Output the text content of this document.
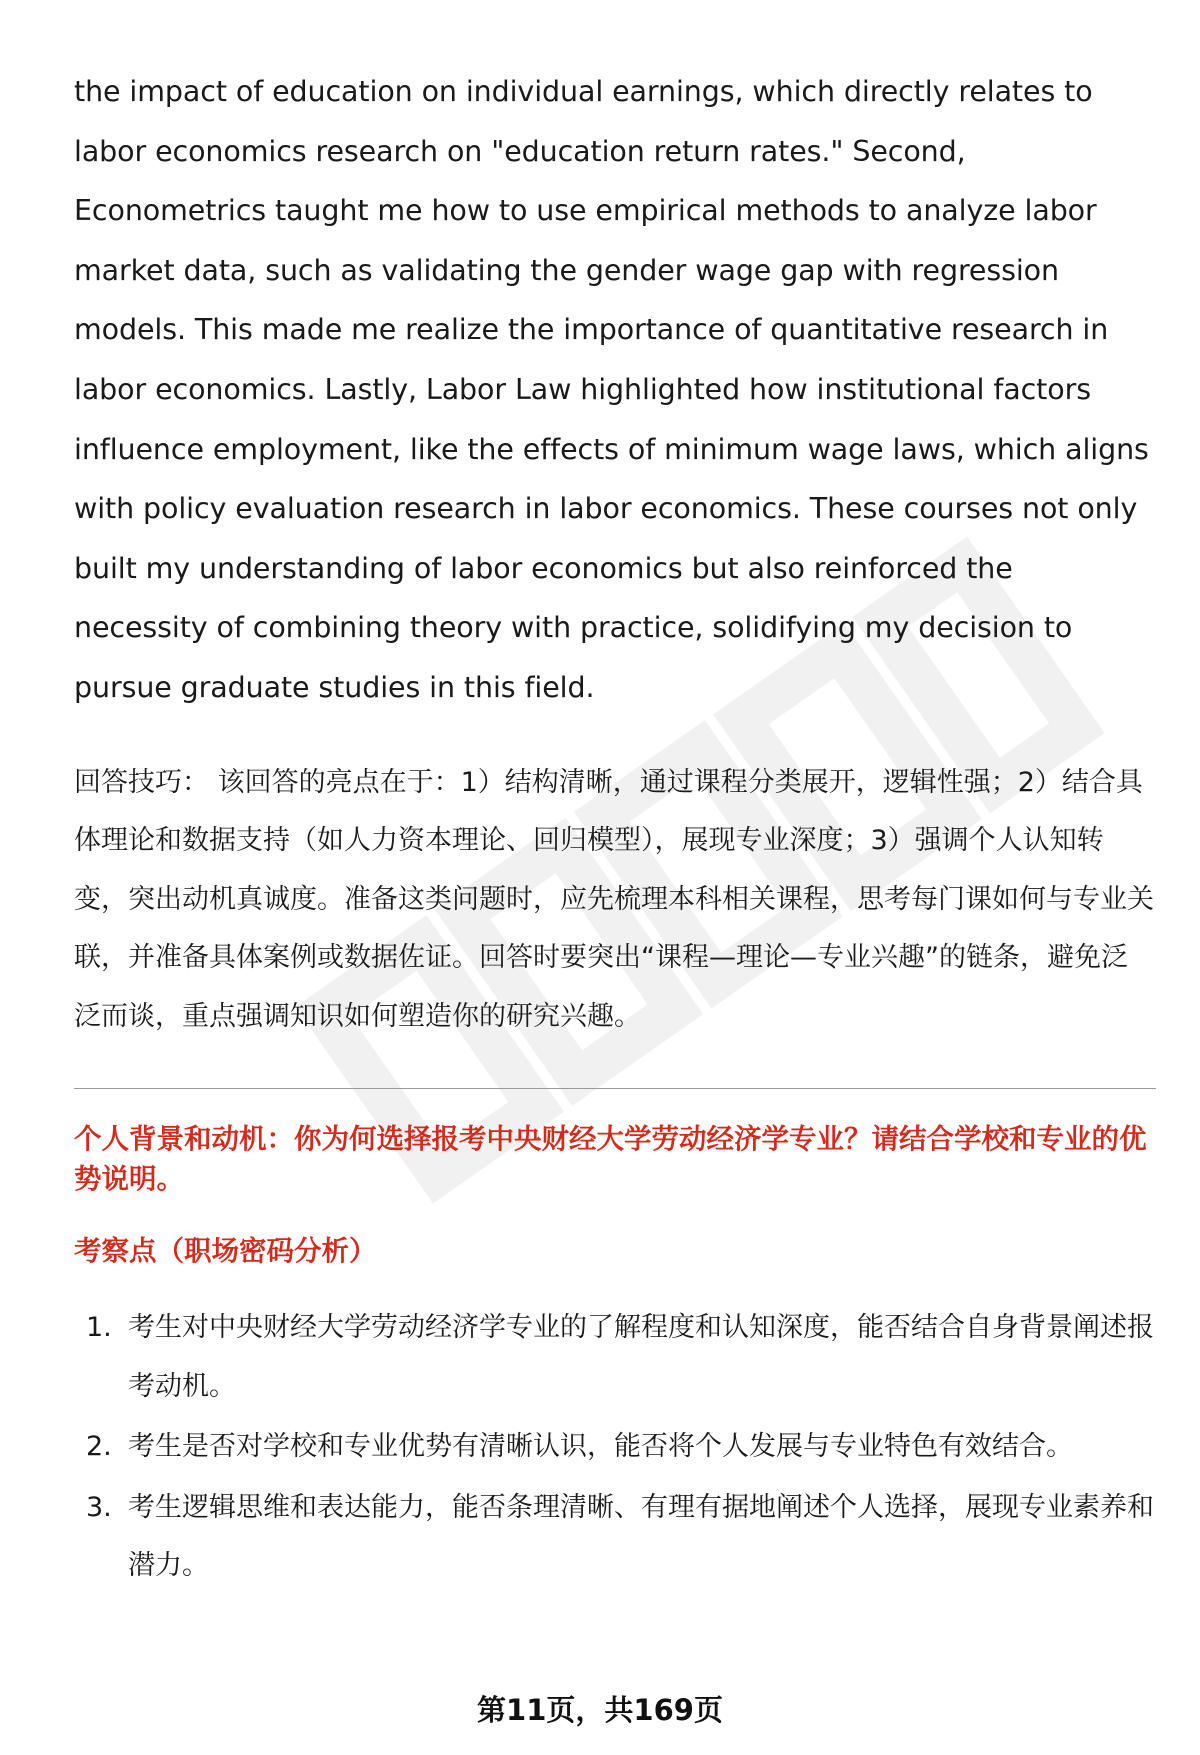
the impact of education on individual earnings, which directly relates to labor economics research on "education return rates." Second, Econometrics taught me how to use empirical methods to analyze labor market data, such as validating the gender wage gap with regression models. This made me realize the importance of quantitative research in labor economics. Lastly, Labor Law highlighted how institutional factors influence employment, like the effects of minimum wage laws, which aligns with policy evaluation research in labor economics. These courses not only built my understanding of labor economics but also reinforced the necessity of combining theory with practice, solidifying my decision to pursue graduate studies in this field.

回答技巧： 该回答的亮点在于：1）结构清晰，通过课程分类展开，逻辑性强；2）结合具体理论和数据支持（如人力资本理论、回归模型），展现专业深度；3）强调个人认知转变，突出动机真诚度。准备这类问题时，应先梳理本科相关课程，思考每门课如何与专业关联，并准备具体案例或数据佐证。回答时要突出“课程—理论—专业兴趣”的链条，避免泛泛而谈，重点强调知识如何塑造你的研究兴趣。

个人背景和动机：你为何选择报考中央财经大学劳动经济学专业？请结合学校和专业的优势说明。

考察点（职场密码分析）

1. 考生对中央财经大学劳动经济学专业的了解程度和认知深度，能否结合自身背景阐述报考动机。
2. 考生是否对学校和专业优势有清晰认识，能否将个人发展与专业特色有效结合。
3. 考生逻辑思维和表达能力，能否条理清晰、有理有据地阐述个人选择，展现专业素养和潜力。
第11页，共169页
